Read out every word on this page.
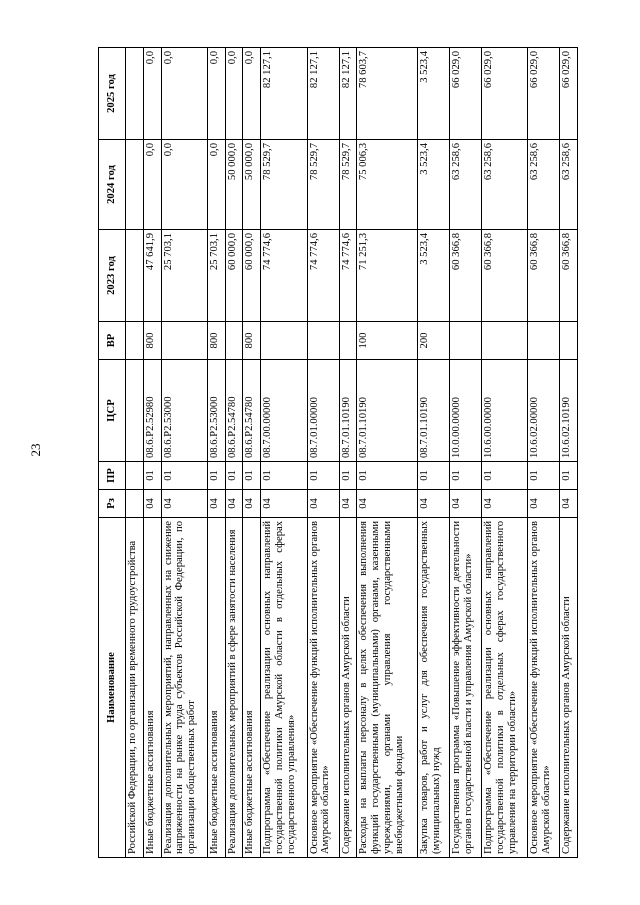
23
Наименование	Рз	ПР	ЦСР	ВР	2023 год	2024 год	2025 год
Российской Федерации, по организации временного трудоустройства							
Иные бюджетные ассигнования	04	01	08.6.Р2.52980	800	47 641,9	0,0	0,0
Реализация дополнительных мероприятий, направленных на снижение напряженности на рынке труда субъектов Российской Федерации, по организации общественных работ	04	01	08.6.Р2.53000		25 703,1	0,0	0,0
Иные бюджетные ассигнования	04	01	08.6.Р2.53000	800	25 703,1	0,0	0,0
Реализация дополнительных мероприятий в сфере занятости населения	04	01	08.6.Р2.54780		60 000,0	50 000,0	0,0
Иные бюджетные ассигнования	04	01	08.6.Р2.54780	800	60 000,0	50 000,0	0,0
Подпрограмма «Обеспечение реализации основных направлений государственной политики Амурской области в отдельных сферах государственного управления»	04	01	08.7.00.00000		74 774,6	78 529,7	82 127,1
Основное мероприятие «Обеспечение функций исполнительных органов Амурской области»	04	01	08.7.01.00000		74 774,6	78 529,7	82 127,1
Содержание исполнительных органов Амурской области	04	01	08.7.01.10190		74 774,6	78 529,7	82 127,1
Расходы на выплаты персоналу в целях обеспечения выполнения функций государственными (муниципальными) органами, казенными учреждениями, органами управления государственными внебюджетными фондами	04	01	08.7.01.10190	100	71 251,3	75 006,3	78 603,7
Закупка товаров, работ и услуг для обеспечения государственных (муниципальных) нужд	04	01	08.7.01.10190	200	3 523,4	3 523,4	3 523,4
Государственная программа «Повышение эффективности деятельности органов государственной власти и управления Амурской области»	04	01	10.0.00.00000		60 366,8	63 258,6	66 029,0
Подпрограмма «Обеспечение реализации основных направлений государственной политики в отдельных сферах государственного управления на территории области»	04	01	10.6.00.00000		60 366,8	63 258,6	66 029,0
Основное мероприятие «Обеспечение функций исполнительных органов Амурской области»	04	01	10.6.02.00000		60 366,8	63 258,6	66 029,0
Содержание исполнительных органов Амурской области	04	01	10.6.02.10190		60 366,8	63 258,6	66 029,0
